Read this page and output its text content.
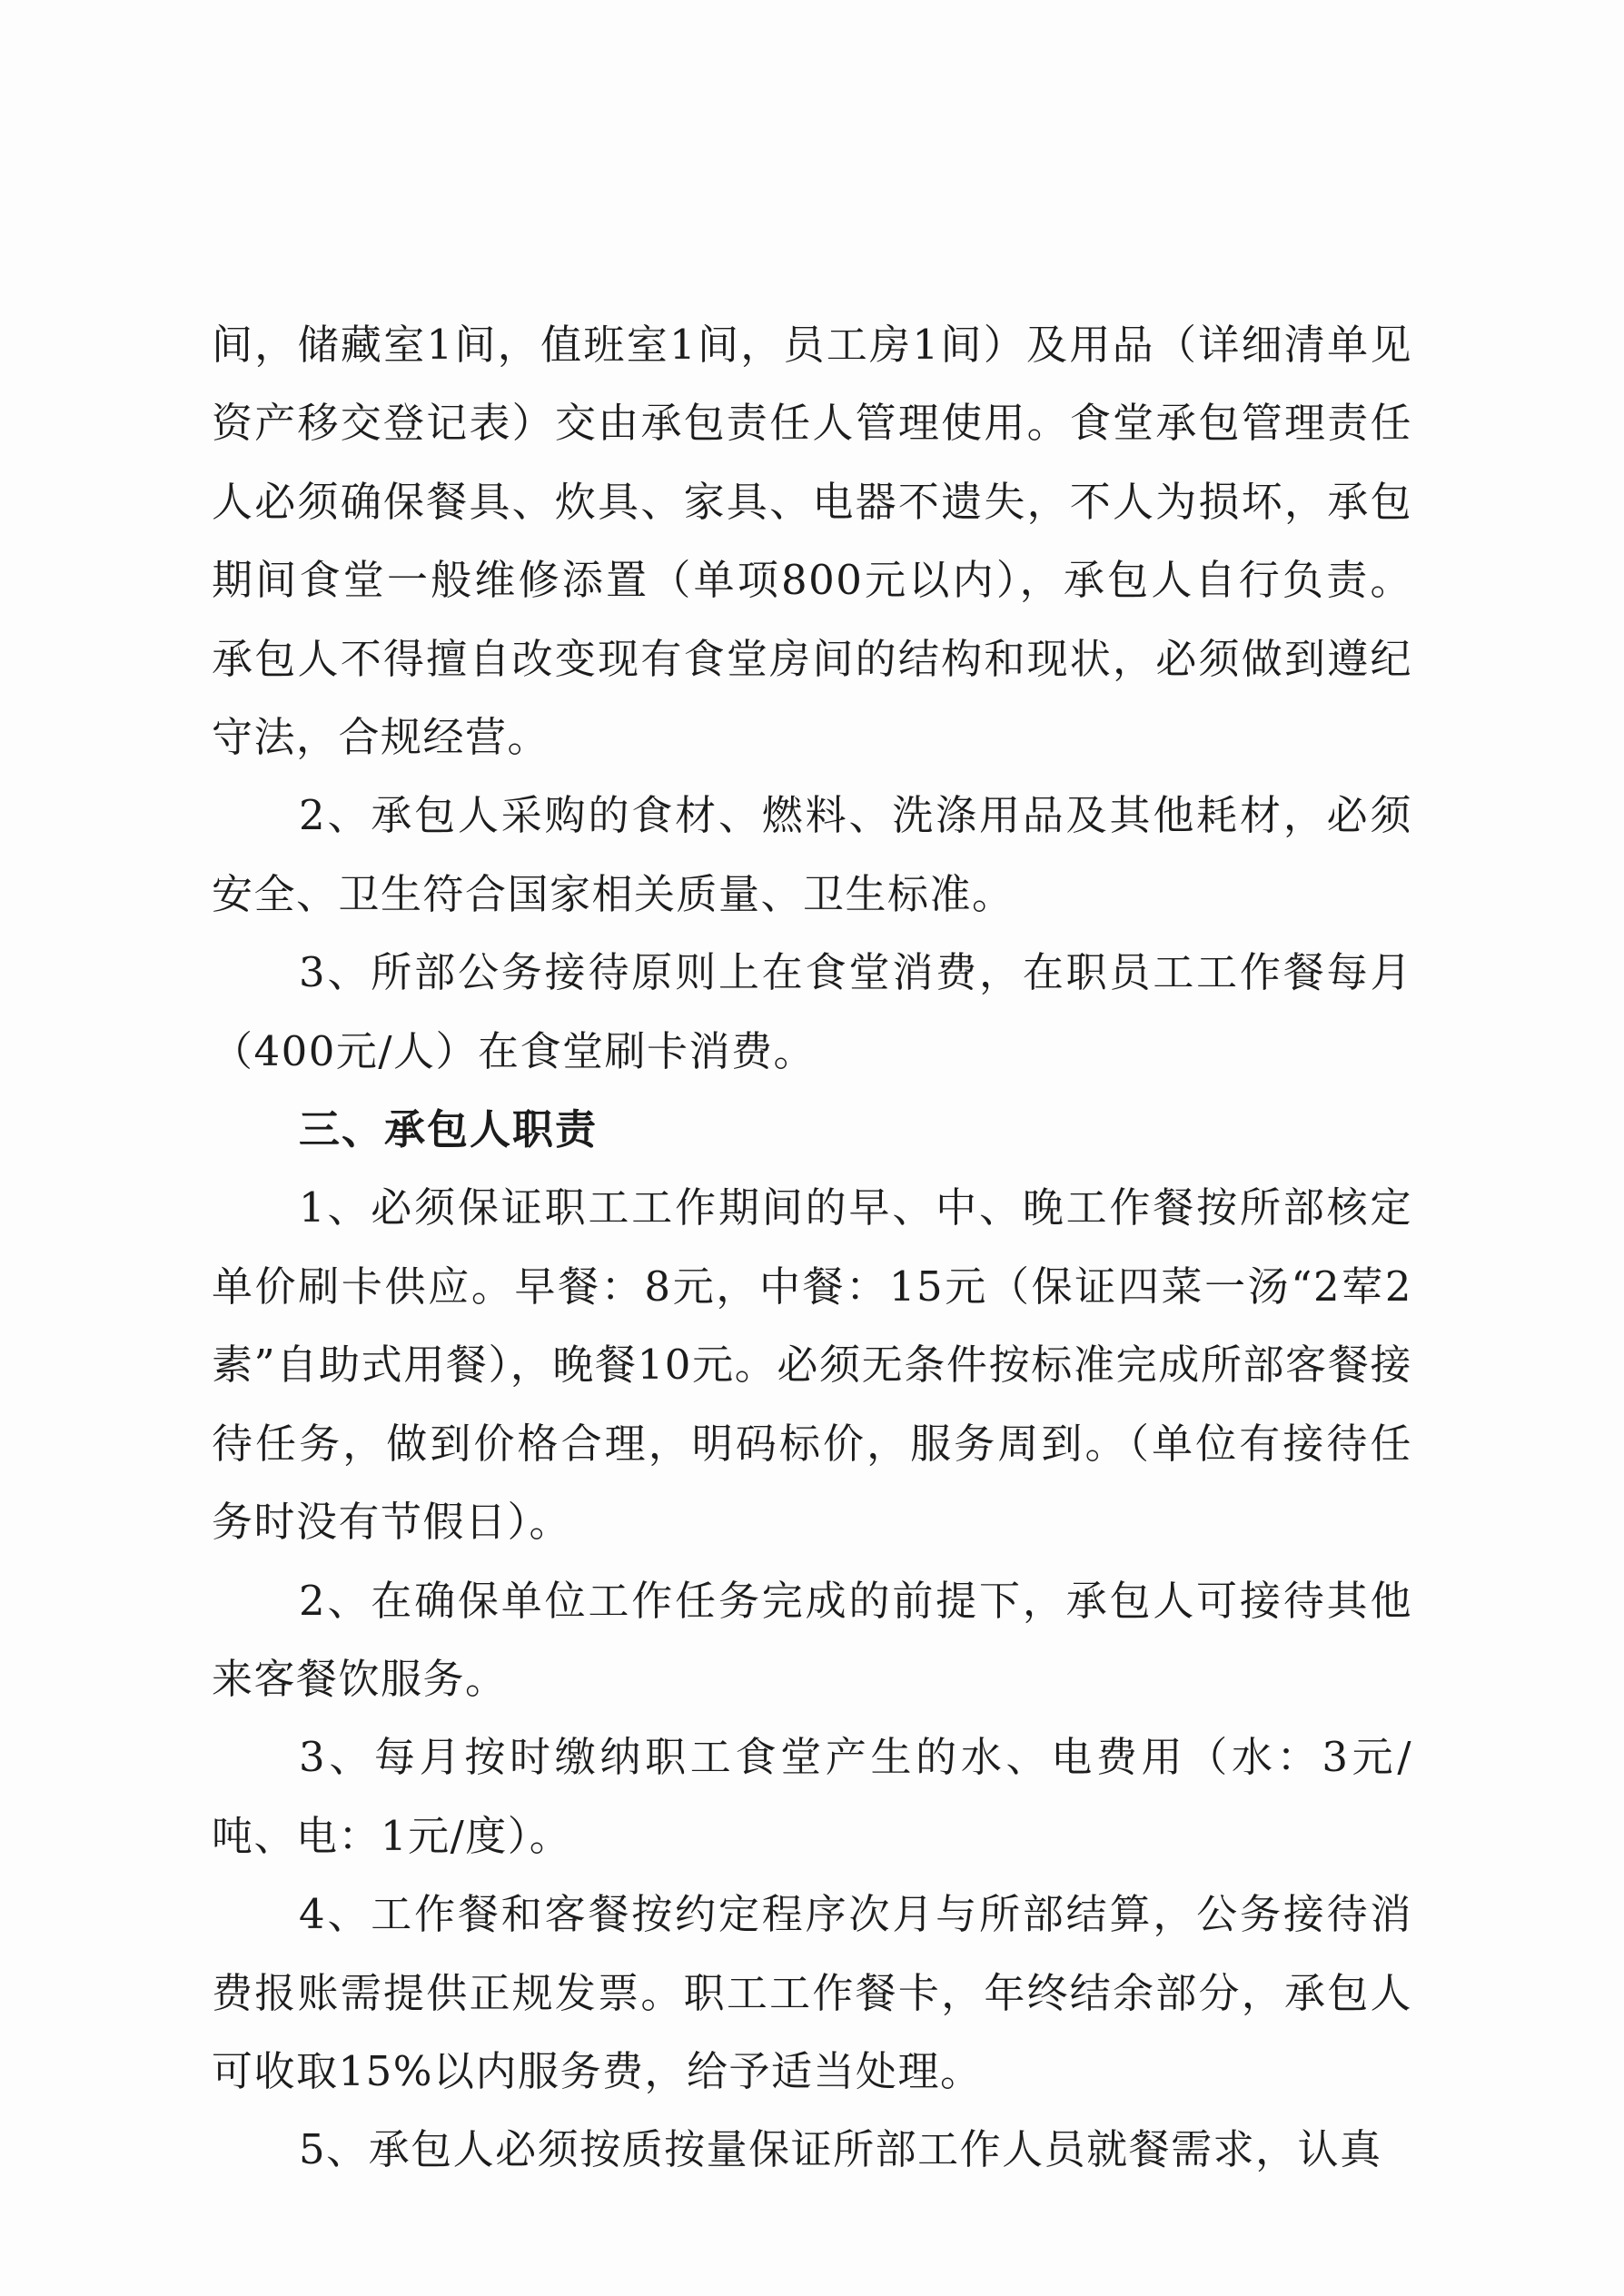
间，储藏室1间，值班室1间，员工房1间）及用品（详细清单见资产移交登记表）交由承包责任人管理使用。食堂承包管理责任人必须确保餐具、炊具、家具、电器不遗失，不人为损坏，承包期间食堂一般维修添置（单项800元以内），承包人自行负责。承包人不得擅自改变现有食堂房间的结构和现状，必须做到遵纪守法，合规经营。

2、承包人采购的食材、燃料、洗涤用品及其他耗材，必须安全、卫生符合国家相关质量、卫生标准。

3、所部公务接待原则上在食堂消费，在职员工工作餐每月（400元/人）在食堂刷卡消费。

三、承包人职责

1、必须保证职工工作期间的早、中、晚工作餐按所部核定单价刷卡供应。早餐：8元，中餐：15元（保证四菜一汤“2荤2素”自助式用餐），晚餐10元。必须无条件按标准完成所部客餐接待任务，做到价格合理，明码标价，服务周到。（单位有接待任务时没有节假日）。

2、在确保单位工作任务完成的前提下，承包人可接待其他来客餐饮服务。

3、每月按时缴纳职工食堂产生的水、电费用（水：3元/吨、电：1元/度）。

4、工作餐和客餐按约定程序次月与所部结算，公务接待消费报账需提供正规发票。职工工作餐卡，年终结余部分，承包人可收取15%以内服务费，给予适当处理。

5、承包人必须按质按量保证所部工作人员就餐需求，认真
